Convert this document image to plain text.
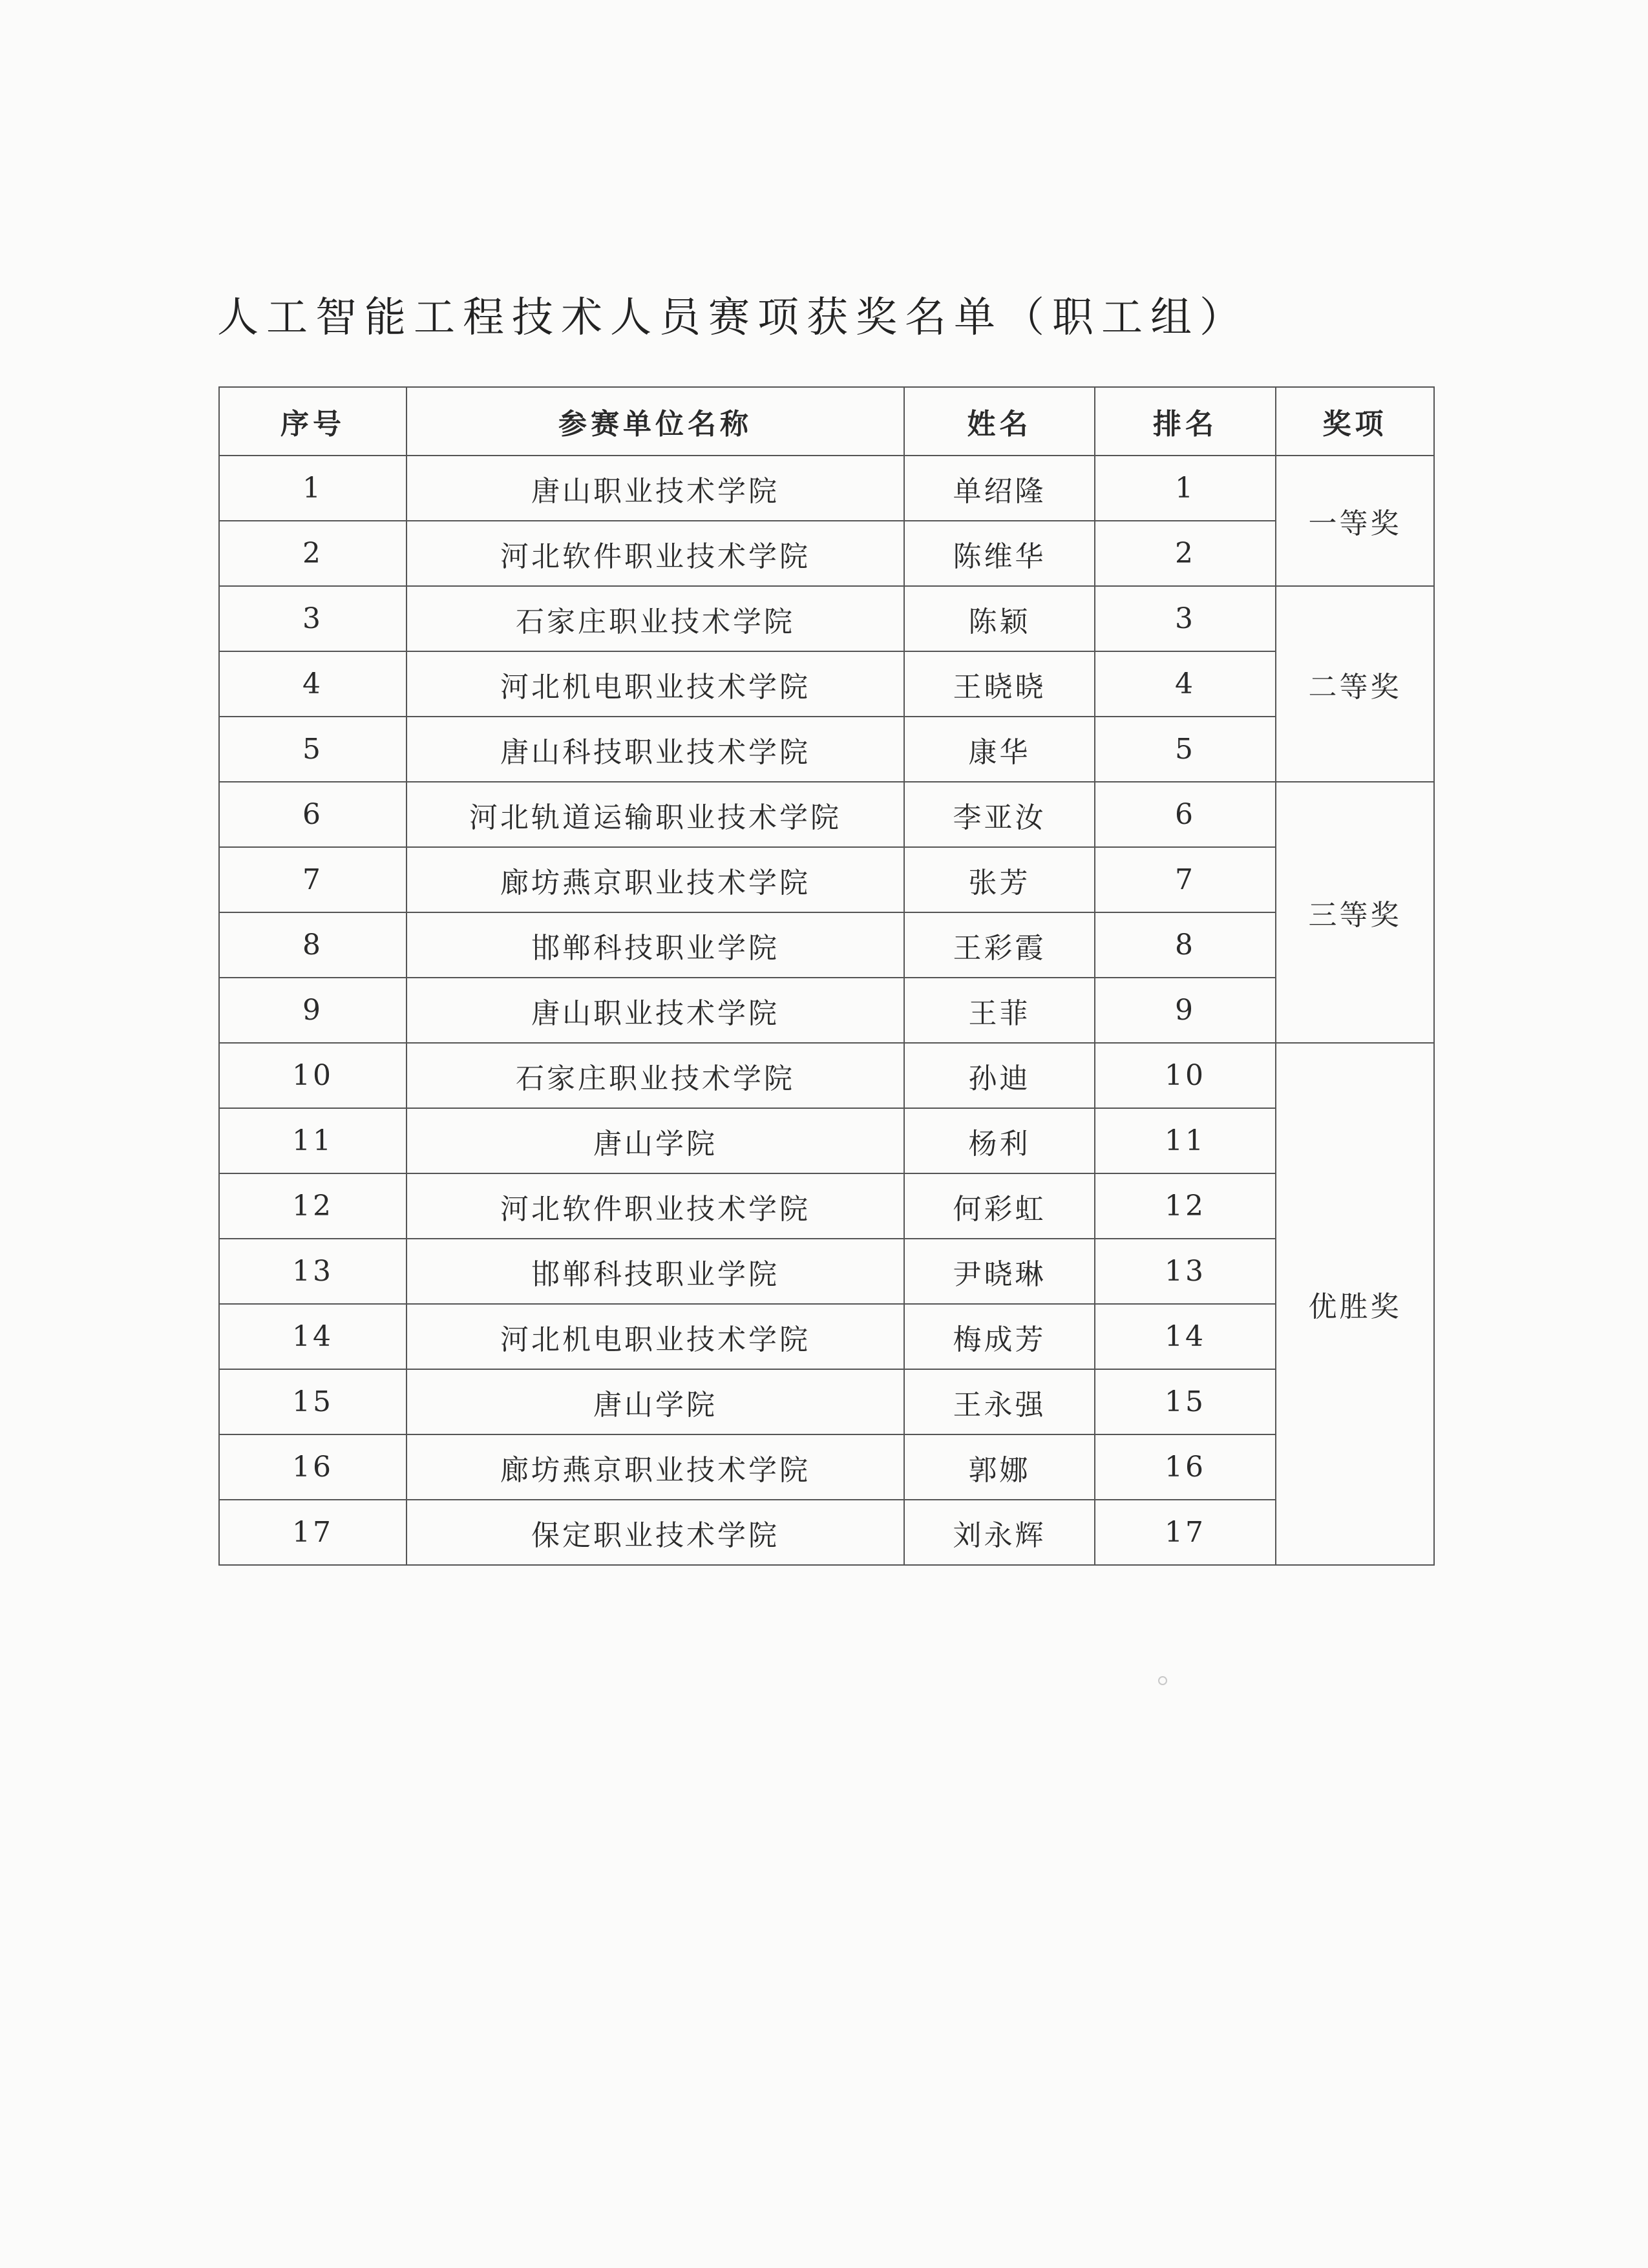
人工智能工程技术人员赛项获奖名单（职工组）
序号	参赛单位名称	姓名	排名	奖项
1	唐山职业技术学院	单绍隆	1	一等奖
2	河北软件职业技术学院	陈维华	2	
3	石家庄职业技术学院	陈颖	3	二等奖
4	河北机电职业技术学院	王晓晓	4	
5	唐山科技职业技术学院	康华	5	
6	河北轨道运输职业技术学院	李亚汝	6	三等奖
7	廊坊燕京职业技术学院	张芳	7	
8	邯郸科技职业学院	王彩霞	8	
9	唐山职业技术学院	王菲	9	
10	石家庄职业技术学院	孙迪	10	优胜奖
11	唐山学院	杨利	11	
12	河北软件职业技术学院	何彩虹	12	
13	邯郸科技职业学院	尹晓琳	13	
14	河北机电职业技术学院	梅成芳	14	
15	唐山学院	王永强	15	
16	廊坊燕京职业技术学院	郭娜	16	
17	保定职业技术学院	刘永辉	17	
